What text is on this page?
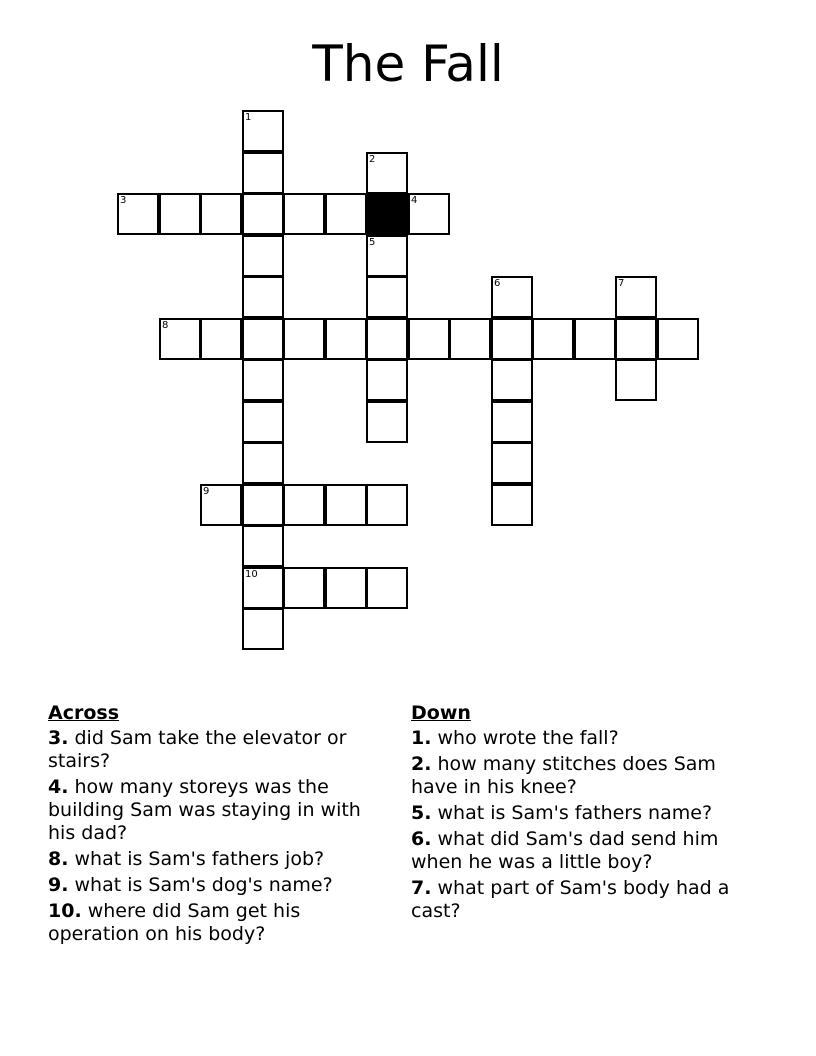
The Fall
1
2
3	4
5
6	7
8
9
10
Across
3. did Sam take the elevator or stairs?
4. how many storeys was the building Sam was staying in with his dad?
8. what is Sam's fathers job?
9. what is Sam's dog's name?
10. where did Sam get his operation on his body?
Down
1. who wrote the fall?
2. how many stitches does Sam have in his knee?
5. what is Sam's fathers name?
6. what did Sam's dad send him when he was a little boy?
7. what part of Sam's body had a cast?
